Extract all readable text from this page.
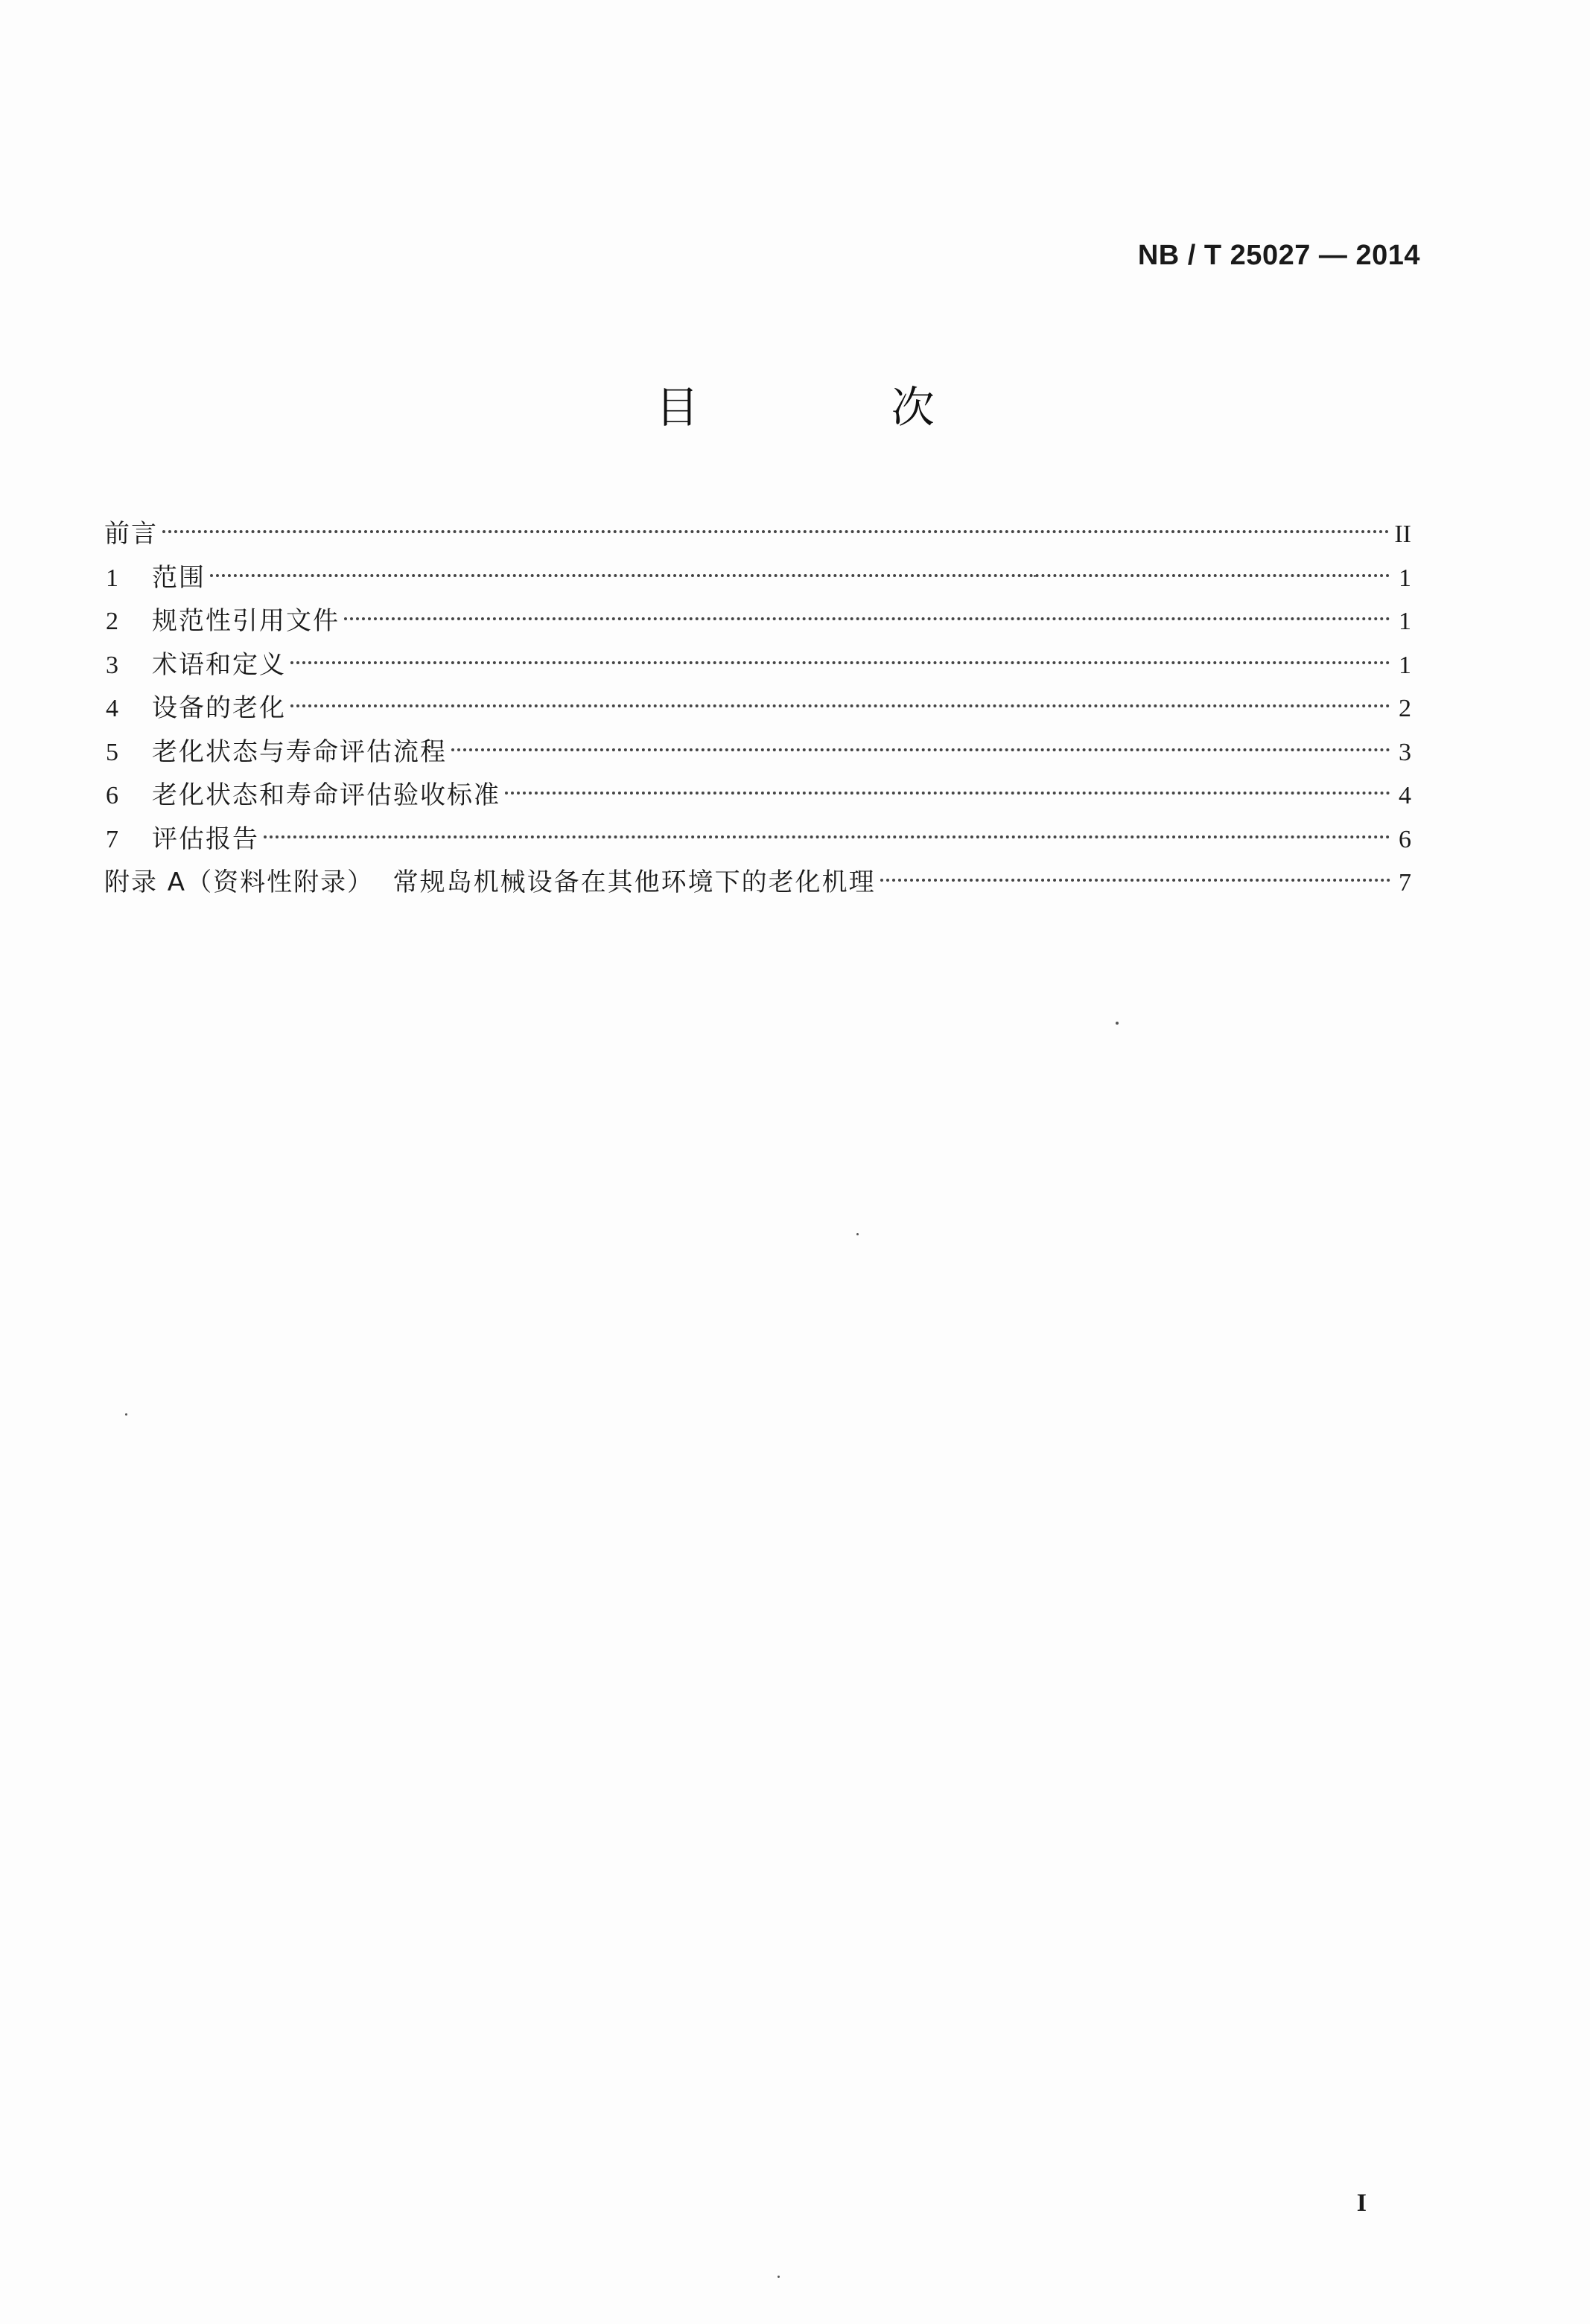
NB / T 25027 — 2014
目 次
前言	II
1	范围	1
2	规范性引用文件	1
3	术语和定义	1
4	设备的老化	2
5	老化状态与寿命评估流程	3
6	老化状态和寿命评估验收标准	4
7	评估报告	6
附录 A（资料性附录）  常规岛机械设备在其他环境下的老化机理	7
I
